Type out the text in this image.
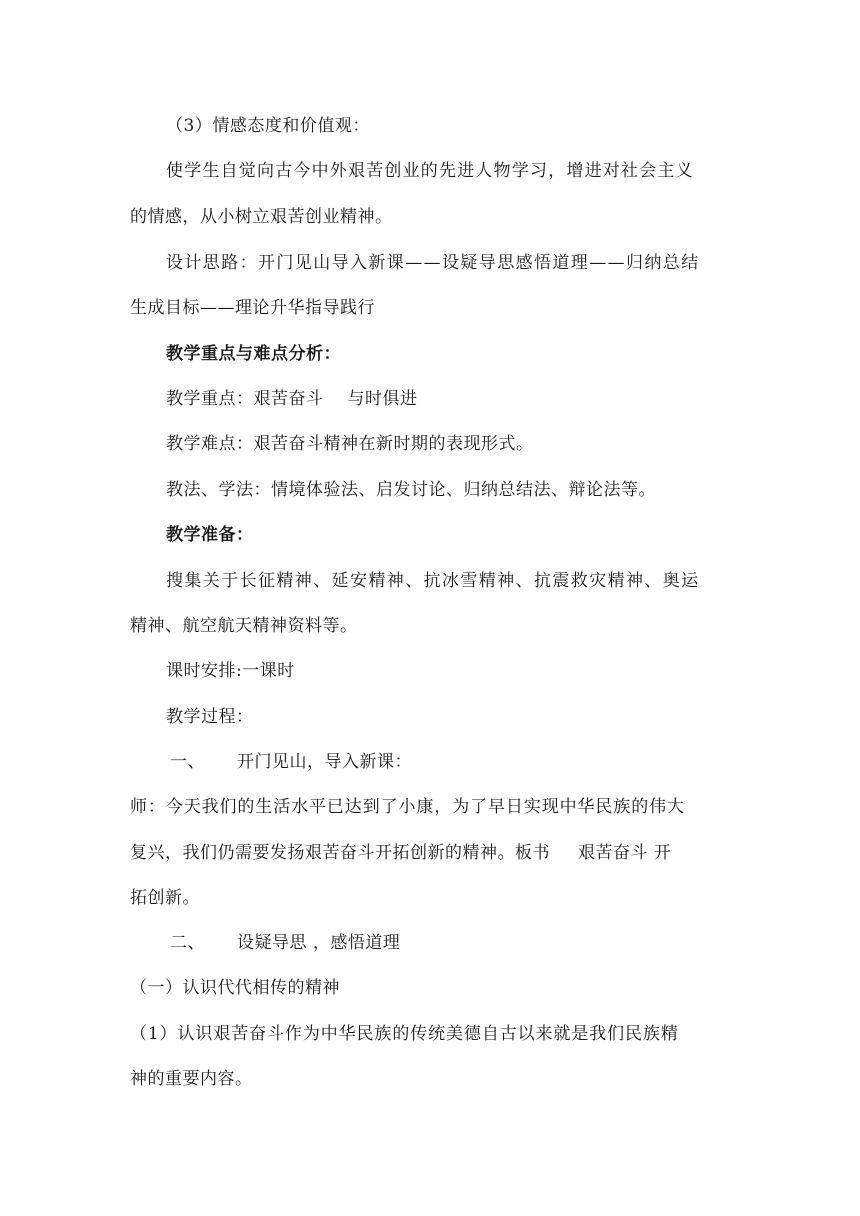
（3）情感态度和价值观：
使学生自觉向古今中外艰苦创业的先进人物学习，增进对社会主义
的情感，从小树立艰苦创业精神。
设计思路：开门见山导入新课——设疑导思感悟道理——归纳总结
生成目标——理论升华指导践行
教学重点与难点分析：
教学重点：艰苦奋斗 与时俱进
教学难点：艰苦奋斗精神在新时期的表现形式。
教法、学法：情境体验法、启发讨论、归纳总结法、辩论法等。
教学准备：
搜集关于长征精神、延安精神、抗冰雪精神、抗震救灾精神、奥运
精神、航空航天精神资料等。
课时安排:一课时
教学过程：
一、 开门见山，导入新课：
师：今天我们的生活水平已达到了小康，为了早日实现中华民族的伟大
复兴，我们仍需要发扬艰苦奋斗开拓创新的精神。板书 艰苦奋斗 开
拓创新。
二、 设疑导思 ，感悟道理
（一）认识代代相传的精神
（1）认识艰苦奋斗作为中华民族的传统美德自古以来就是我们民族精
神的重要内容。
